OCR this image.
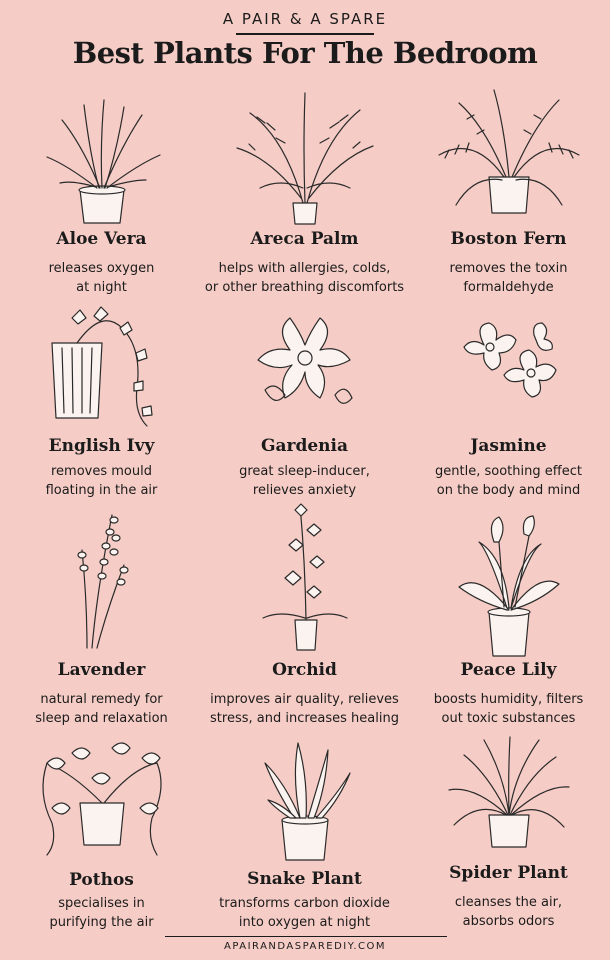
A PAIR & A SPARE
Best Plants For The Bedroom
Aloe Vera
releases oxygen
at night
Areca Palm
helps with allergies, colds,
or other breathing discomforts
Boston Fern
removes the toxin
formaldehyde
English Ivy
removes mould
floating in the air
Gardenia
great sleep-inducer,
relieves anxiety
Jasmine
gentle, soothing effect
on the body and mind
Lavender
natural remedy for
sleep and relaxation
Orchid
improves air quality, relieves
stress, and increases healing
Peace Lily
boosts humidity, filters
out toxic substances
Pothos
specialises in
purifying the air
Snake Plant
transforms carbon dioxide
into oxygen at night
Spider Plant
cleanses the air,
absorbs odors
APAIRANDASPAREDIY.COM
